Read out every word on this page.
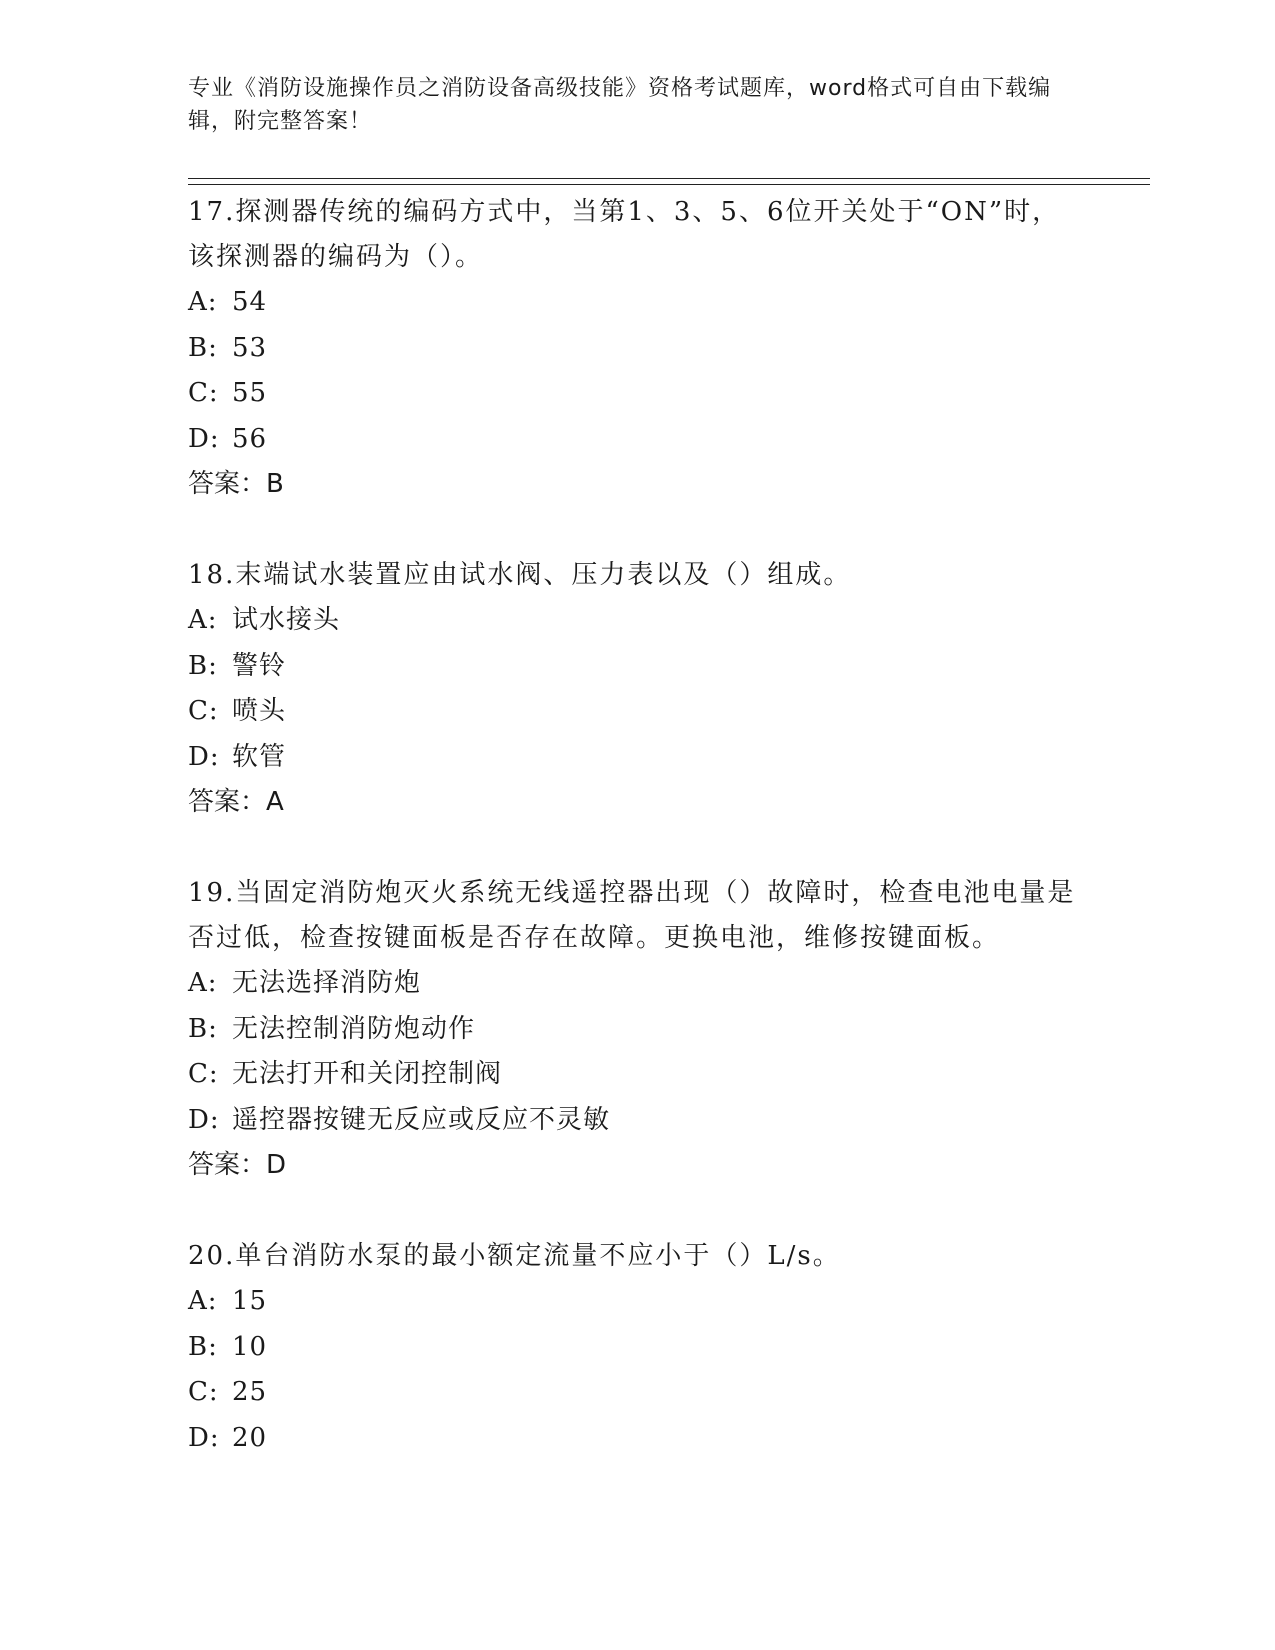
专业《消防设施操作员之消防设备高级技能》资格考试题库，word格式可自由下载编辑，附完整答案！

17.探测器传统的编码方式中，当第1、3、5、6位开关处于“ON”时，该探测器的编码为（）。

A: 54

B: 53

C: 55

D: 56

答案：B

18.末端试水装置应由试水阀、压力表以及（）组成。

A: 试水接头

B: 警铃

C: 喷头

D: 软管

答案：A

19.当固定消防炮灭火系统无线遥控器出现（）故障时，检查电池电量是否过低，检查按键面板是否存在故障。更换电池，维修按键面板。

A: 无法选择消防炮

B: 无法控制消防炮动作

C: 无法打开和关闭控制阀

D: 遥控器按键无反应或反应不灵敏

答案：D

20.单台消防水泵的最小额定流量不应小于（）L/s。

A: 15

B: 10

C: 25

D: 20
